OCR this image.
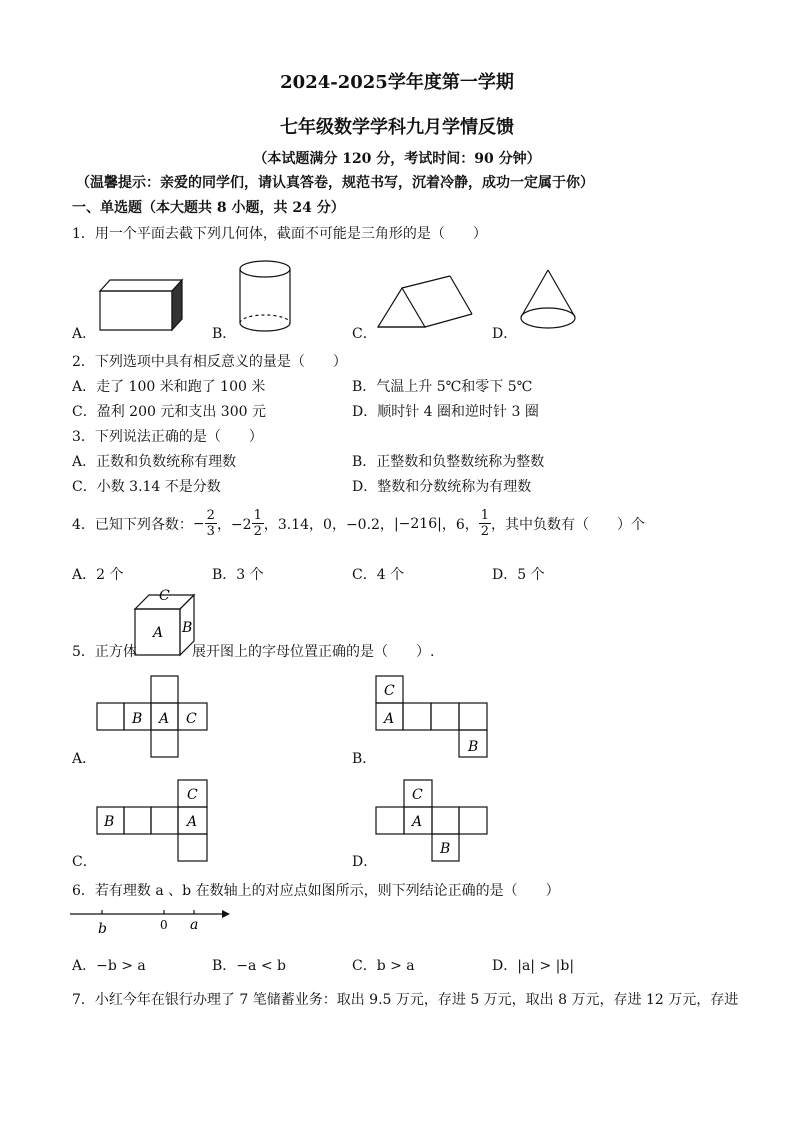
2024-2025学年度第一学期
七年级数学学科九月学情反馈
（本试题满分 120 分，考试时间：90 分钟）
（温馨提示：亲爱的同学们，请认真答卷，规范书写，沉着冷静，成功一定属于你）
一、单选题（本大题共 8 小题，共 24 分）
1．用一个平面去截下列几何体，截面不可能是三角形的是（　　）
A．	B．	C．	D．
2．下列选项中具有相反意义的量是（　　）
A．走了 100 米和跑了 100 米	B．气温上升 5℃和零下 5℃
C．盈利 200 元和支出 300 元	D．顺时针 4 圈和逆时针 3 圈
3．下列说法正确的是（　　）
A．正数和负数统称有理数	B．正整数和负整数统称为整数
C．小数 3.14 不是分数	D．整数和分数统称为有理数
4．已知下列各数： − $\frac{2}{3}$ ，$-2 \frac{1}{2}$ ，3.14，0，−0.2， |−216| ，6， $\frac{1}{2}$ ，其中负数有（　　）个
A．2 个	B．3 个	C．4 个	D．5 个
5．正方体	展开图上的字母位置正确的是（　　）.
C
A B
B A C
C
A
B
B
C
A
C
A
B
A．	B．
C．	D．
6．若有理数 a 、b 在数轴上的对应点如图所示，则下列结论正确的是（　　）
b	0 a
A．−b > a	B．−a < b	C．b > a	D．|a| > |b|
7．小红今年在银行办理了 7 笔储蓄业务：取出 9.5 万元，存进 5 万元，取出 8 万元，存进 12 万元，存进
